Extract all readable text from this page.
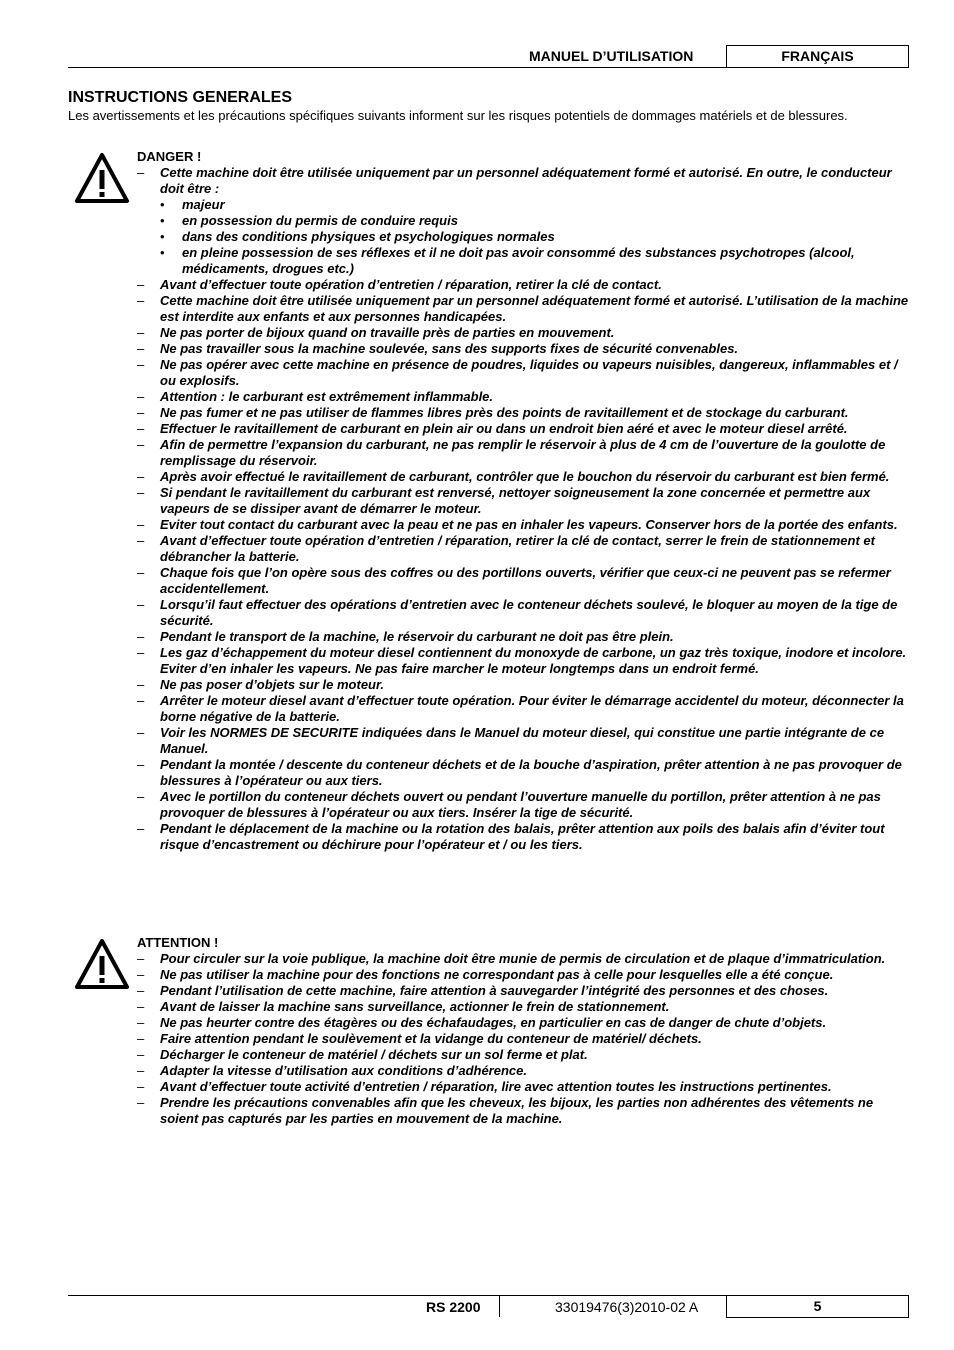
MANUEL D’UTILISATION	FRANÇAIS
INSTRUCTIONS GENERALES
Les avertissements et les précautions spécifiques suivants informent sur les risques potentiels de dommages matériels et de blessures.
DANGER !
– Cette machine doit être utilisée uniquement par un personnel adéquatement formé et autorisé. En outre, le conducteur doit être :
• majeur
• en possession du permis de conduire requis
• dans des conditions physiques et psychologiques normales
• en pleine possession de ses réflexes et il ne doit pas avoir consommé des substances psychotropes (alcool, médicaments, drogues etc.)
– Avant d’effectuer toute opération d’entretien / réparation, retirer la clé de contact.
– Cette machine doit être utilisée uniquement par un personnel adéquatement formé et autorisé. L’utilisation de la machine est interdite aux enfants et aux personnes handicapées.
– Ne pas porter de bijoux quand on travaille près de parties en mouvement.
– Ne pas travailler sous la machine soulevée, sans des supports fixes de sécurité convenables.
– Ne pas opérer avec cette machine en présence de poudres, liquides ou vapeurs nuisibles, dangereux, inflammables et / ou explosifs.
– Attention : le carburant est extrêmement inflammable.
– Ne pas fumer et ne pas utiliser de flammes libres près des points de ravitaillement et de stockage du carburant.
– Effectuer le ravitaillement de carburant en plein air ou dans un endroit bien aéré et avec le moteur diesel arrêté.
– Afin de permettre l’expansion du carburant, ne pas remplir le réservoir à plus de 4 cm de l’ouverture de la goulotte de remplissage du réservoir.
– Après avoir effectué le ravitaillement de carburant, contrôler que le bouchon du réservoir du carburant est bien fermé.
– Si pendant le ravitaillement du carburant est renversé, nettoyer soigneusement la zone concernée et permettre aux vapeurs de se dissiper avant de démarrer le moteur.
– Eviter tout contact du carburant avec la peau et ne pas en inhaler les vapeurs. Conserver hors de la portée des enfants.
– Avant d’effectuer toute opération d’entretien / réparation, retirer la clé de contact, serrer le frein de stationnement et débrancher la batterie.
– Chaque fois que l’on opère sous des coffres ou des portillons ouverts, vérifier que ceux-ci ne peuvent pas se refermer accidentellement.
– Lorsqu’il faut effectuer des opérations d’entretien avec le conteneur déchets soulevé, le bloquer au moyen de la tige de sécurité.
– Pendant le transport de la machine, le réservoir du carburant ne doit pas être plein.
– Les gaz d’échappement du moteur diesel contiennent du monoxyde de carbone, un gaz très toxique, inodore et incolore. Eviter d’en inhaler les vapeurs. Ne pas faire marcher le moteur longtemps dans un endroit fermé.
– Ne pas poser d’objets sur le moteur.
– Arrêter le moteur diesel avant d’effectuer toute opération. Pour éviter le démarrage accidentel du moteur, déconnecter la borne négative de la batterie.
– Voir les NORMES DE SECURITE indiquées dans le Manuel du moteur diesel, qui constitue une partie intégrante de ce Manuel.
– Pendant la montée / descente du conteneur déchets et de la bouche d’aspiration, prêter attention à ne pas provoquer de blessures à l’opérateur ou aux tiers.
– Avec le portillon du conteneur déchets ouvert ou pendant l’ouverture manuelle du portillon, prêter attention à ne pas provoquer de blessures à l’opérateur ou aux tiers. Insérer la tige de sécurité.
– Pendant le déplacement de la machine ou la rotation des balais, prêter attention aux poils des balais afin d’éviter tout risque d’encastrement ou déchirure pour l’opérateur et / ou les tiers.
ATTENTION !
– Pour circuler sur la voie publique, la machine doit être munie de permis de circulation et de plaque d’immatriculation.
– Ne pas utiliser la machine pour des fonctions ne correspondant pas à celle pour lesquelles elle a été conçue.
– Pendant l’utilisation de cette machine, faire attention à sauvegarder l’intégrité des personnes et des choses.
– Avant de laisser la machine sans surveillance, actionner le frein de stationnement.
– Ne pas heurter contre des étagères ou des échafaudages, en particulier en cas de danger de chute d’objets.
– Faire attention pendant le soulèvement et la vidange du conteneur de matériel/ déchets.
– Décharger le conteneur de matériel / déchets sur un sol ferme et plat.
– Adapter la vitesse d’utilisation aux conditions d’adhérence.
– Avant d’effectuer toute activité d’entretien / réparation, lire avec attention toutes les instructions pertinentes.
– Prendre les précautions convenables afin que les cheveux, les bijoux, les parties non adhérentes des vêtements ne soient pas capturés par les parties en mouvement de la machine.
RS 2200	33019476(3)2010-02 A	5
